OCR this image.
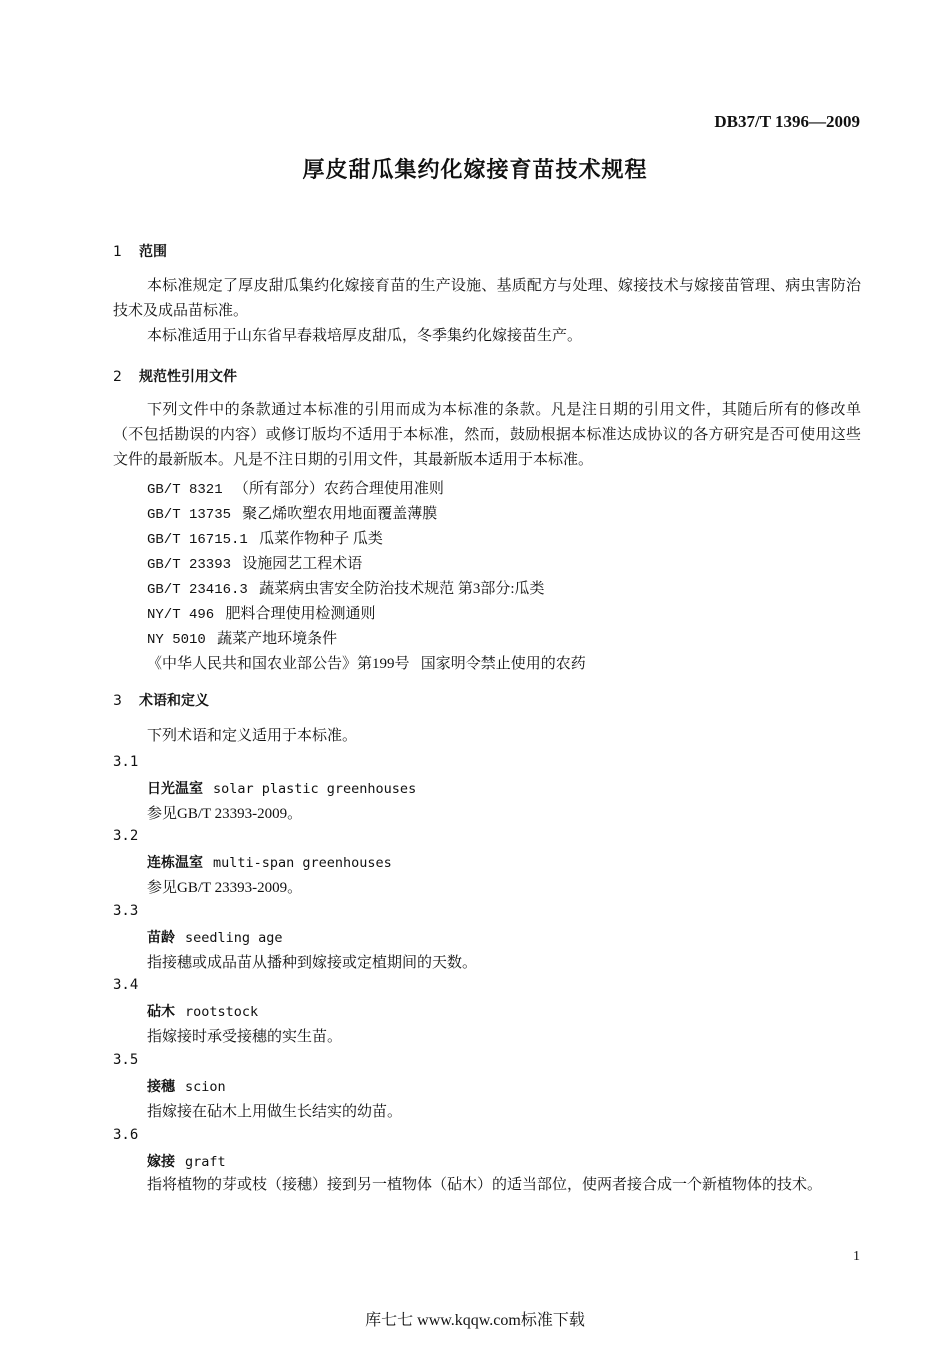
DB37/T 1396—2009
厚皮甜瓜集约化嫁接育苗技术规程
1 范围
本标准规定了厚皮甜瓜集约化嫁接育苗的生产设施、基质配方与处理、嫁接技术与嫁接苗管理、病虫害防治技术及成品苗标准。
本标准适用于山东省早春栽培厚皮甜瓜，冬季集约化嫁接苗生产。
2 规范性引用文件
下列文件中的条款通过本标准的引用而成为本标准的条款。凡是注日期的引用文件，其随后所有的修改单（不包括勘误的内容）或修订版均不适用于本标准，然而，鼓励根据本标准达成协议的各方研究是否可使用这些文件的最新版本。凡是不注日期的引用文件，其最新版本适用于本标准。
GB/T 8321 （所有部分）农药合理使用准则
GB/T 13735 聚乙烯吹塑农用地面覆盖薄膜
GB/T 16715.1 瓜菜作物种子 瓜类
GB/T 23393 设施园艺工程术语
GB/T 23416.3 蔬菜病虫害安全防治技术规范 第3部分:瓜类
NY/T 496 肥料合理使用检测通则
NY 5010 蔬菜产地环境条件
《中华人民共和国农业部公告》第199号 国家明令禁止使用的农药
3 术语和定义
下列术语和定义适用于本标准。
3.1
日光温室 solar plastic greenhouses
参见GB/T 23393-2009。
3.2
连栋温室 multi-span greenhouses
参见GB/T 23393-2009。
3.3
苗龄 seedling age
指接穗或成品苗从播种到嫁接或定植期间的天数。
3.4
砧木 rootstock
指嫁接时承受接穗的实生苗。
3.5
接穗 scion
指嫁接在砧木上用做生长结实的幼苗。
3.6
嫁接 graft
指将植物的芽或枝（接穗）接到另一植物体（砧木）的适当部位，使两者接合成一个新植物体的技术。
1
库七七 www.kqqw.com标准下载
